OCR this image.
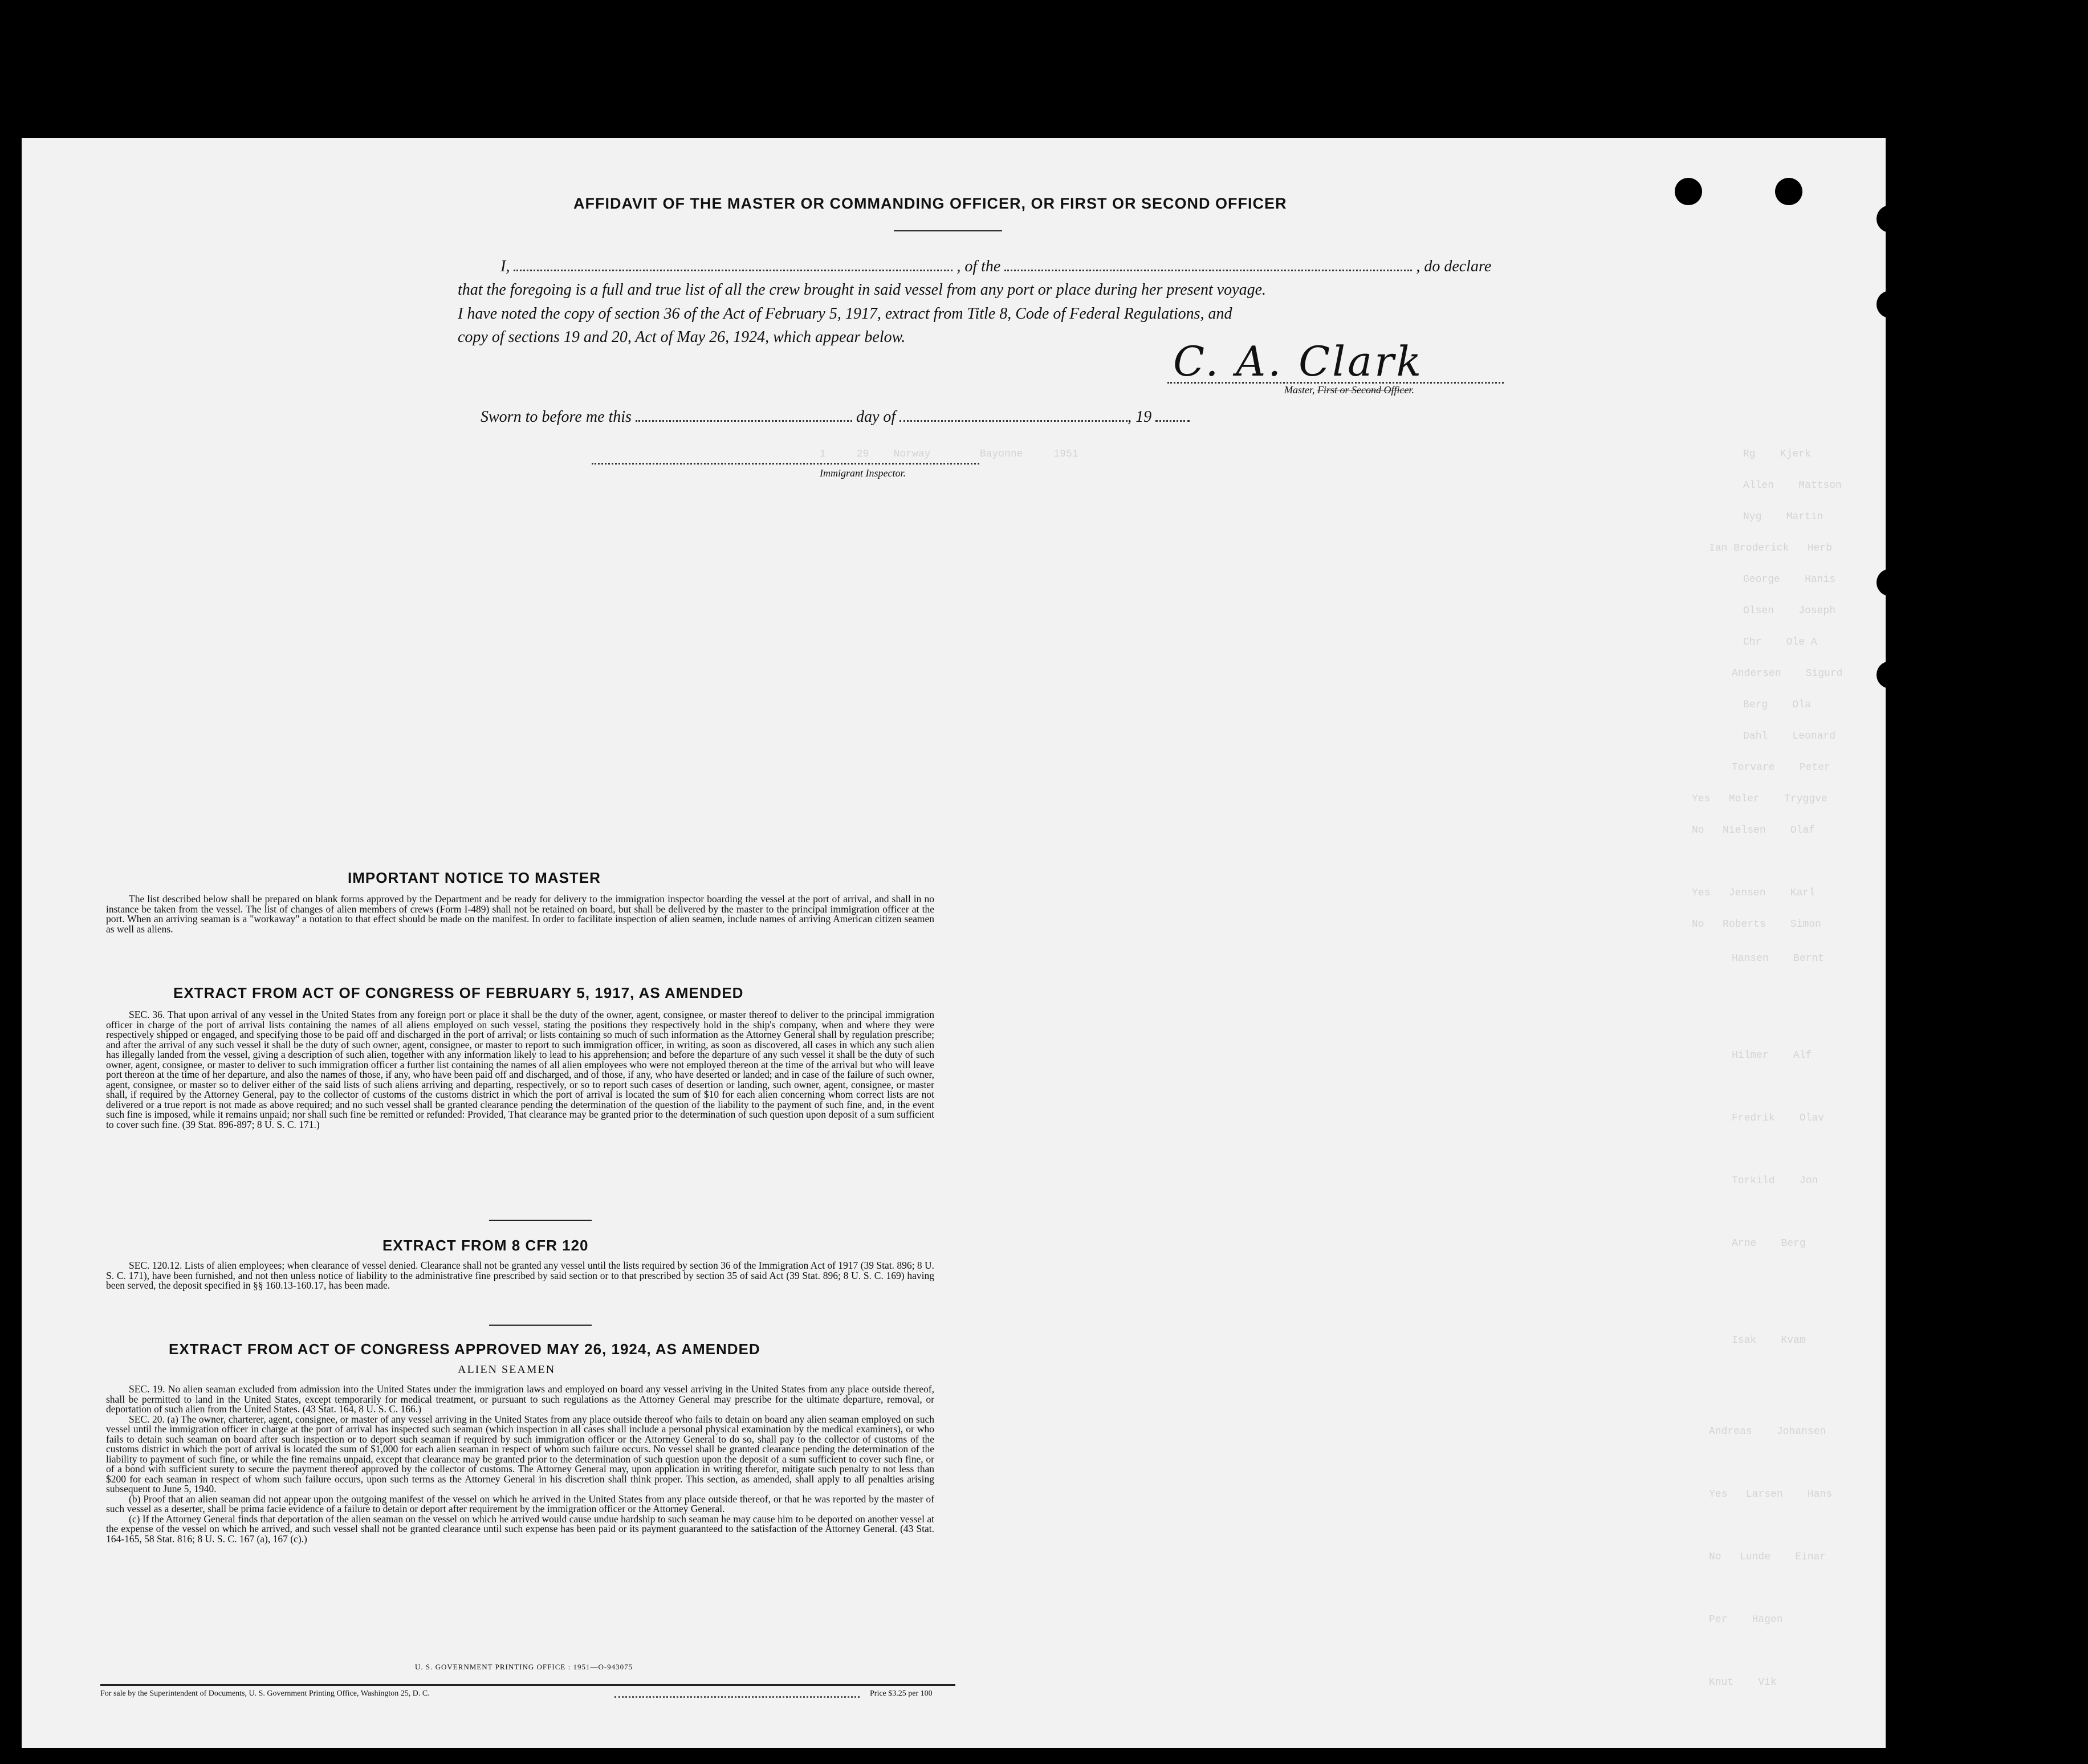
Rg    Kjerk
Allen    Mattson
Nyg    Martin
Ian Broderick   Herb
George    Hanis
Olsen    Joseph
Chr    Ole A
Andersen    Sigurd
Berg    Ola
Dahl    Leonard
Torvare    Peter
Yes   Moler    Tryggve
No   Nielsen    Olaf
Yes   Jensen    Karl
No   Roberts    Simon
Hansen    Bernt
Hilmer    Alf
Fredrik    Olav
Torkild    Jon
Arne    Berg
Isak    Kvam
Andreas    Johansen
Yes   Larsen    Hans
No   Lunde    Einar
Per    Hagen
Knut    Vik
1     29    Norway        Bayonne     1951
AFFIDAVIT OF THE MASTER OR COMMANDING OFFICER, OR FIRST OR SECOND OFFICER
I,	, of the	, do declare
that the foregoing is a full and true list of all the crew brought in said vessel from any port or place during her present voyage.
I have noted the copy of section 36 of the Act of February 5, 1917, extract from Title 8, Code of Federal Regulations, and
copy of sections 19 and 20, Act of May 26, 1924, which appear below.
C. A. Clark
Master, First or Second Officer.
Sworn to before me this	day of	, 19
Immigrant Inspector.
IMPORTANT NOTICE TO MASTER

The list described below shall be prepared on blank forms approved by the Department and be ready for delivery to the immigration inspector boarding the vessel at the port of arrival, and shall in no instance be taken from the vessel. The list of changes of alien members of crews (Form I-489) shall not be retained on board, but shall be delivered by the master to the principal immigration officer at the port. When an arriving seaman is a "workaway" a notation to that effect should be made on the manifest. In order to facilitate inspection of alien seamen, include names of arriving American citizen seamen as well as aliens.

EXTRACT FROM ACT OF CONGRESS OF FEBRUARY 5, 1917, AS AMENDED

SEC. 36. That upon arrival of any vessel in the United States from any foreign port or place it shall be the duty of the owner, agent, consignee, or master thereof to deliver to the principal immigration officer in charge of the port of arrival lists containing the names of all aliens employed on such vessel, stating the positions they respectively hold in the ship's company, when and where they were respectively shipped or engaged, and specifying those to be paid off and discharged in the port of arrival; or lists containing so much of such information as the Attorney General shall by regulation prescribe; and after the arrival of any such vessel it shall be the duty of such owner, agent, consignee, or master to report to such immigration officer, in writing, as soon as discovered, all cases in which any such alien has illegally landed from the vessel, giving a description of such alien, together with any information likely to lead to his apprehension; and before the departure of any such vessel it shall be the duty of such owner, agent, consignee, or master to deliver to such immigration officer a further list containing the names of all alien employees who were not employed thereon at the time of the arrival but who will leave port thereon at the time of her departure, and also the names of those, if any, who have been paid off and discharged, and of those, if any, who have deserted or landed; and in case of the failure of such owner, agent, consignee, or master so to deliver either of the said lists of such aliens arriving and departing, respectively, or so to report such cases of desertion or landing, such owner, agent, consignee, or master shall, if required by the Attorney General, pay to the collector of customs of the customs district in which the port of arrival is located the sum of $10 for each alien concerning whom correct lists are not delivered or a true report is not made as above required; and no such vessel shall be granted clearance pending the determination of the question of the liability to the payment of such fine, and, in the event such fine is imposed, while it remains unpaid; nor shall such fine be remitted or refunded: Provided, That clearance may be granted prior to the determination of such question upon deposit of a sum sufficient to cover such fine. (39 Stat. 896-897; 8 U. S. C. 171.)

EXTRACT FROM 8 CFR 120

SEC. 120.12. Lists of alien employees; when clearance of vessel denied. Clearance shall not be granted any vessel until the lists required by section 36 of the Immigration Act of 1917 (39 Stat. 896; 8 U. S. C. 171), have been furnished, and not then unless notice of liability to the administrative fine prescribed by said section or to that prescribed by section 35 of said Act (39 Stat. 896; 8 U. S. C. 169) having been served, the deposit specified in §§ 160.13-160.17, has been made.

EXTRACT FROM ACT OF CONGRESS APPROVED MAY 26, 1924, AS AMENDED
ALIEN SEAMEN

SEC. 19. No alien seaman excluded from admission into the United States under the immigration laws and employed on board any vessel arriving in the United States from any place outside thereof, shall be permitted to land in the United States, except temporarily for medical treatment, or pursuant to such regulations as the Attorney General may prescribe for the ultimate departure, removal, or deportation of such alien from the United States. (43 Stat. 164, 8 U. S. C. 166.)

SEC. 20. (a) The owner, charterer, agent, consignee, or master of any vessel arriving in the United States from any place outside thereof who fails to detain on board any alien seaman employed on such vessel until the immigration officer in charge at the port of arrival has inspected such seaman (which inspection in all cases shall include a personal physical examination by the medical examiners), or who fails to detain such seaman on board after such inspection or to deport such seaman if required by such immigration officer or the Attorney General to do so, shall pay to the collector of customs of the customs district in which the port of arrival is located the sum of $1,000 for each alien seaman in respect of whom such failure occurs. No vessel shall be granted clearance pending the determination of the liability to payment of such fine, or while the fine remains unpaid, except that clearance may be granted prior to the determination of such question upon the deposit of a sum sufficient to cover such fine, or of a bond with sufficient surety to secure the payment thereof approved by the collector of customs. The Attorney General may, upon application in writing therefor, mitigate such penalty to not less than $200 for each seaman in respect of whom such failure occurs, upon such terms as the Attorney General in his discretion shall think proper. This section, as amended, shall apply to all penalties arising subsequent to June 5, 1940.

(b) Proof that an alien seaman did not appear upon the outgoing manifest of the vessel on which he arrived in the United States from any place outside thereof, or that he was reported by the master of such vessel as a deserter, shall be prima facie evidence of a failure to detain or deport after requirement by the immigration officer or the Attorney General.

(c) If the Attorney General finds that deportation of the alien seaman on the vessel on which he arrived would cause undue hardship to such seaman he may cause him to be deported on another vessel at the expense of the vessel on which he arrived, and such vessel shall not be granted clearance until such expense has been paid or its payment guaranteed to the satisfaction of the Attorney General. (43 Stat. 164-165, 58 Stat. 816; 8 U. S. C. 167 (a), 167 (c).)

U. S. GOVERNMENT PRINTING OFFICE : 1951—O-943075
For sale by the Superintendent of Documents, U. S. Government Printing Office, Washington 25, D. C.	Price $3.25 per 100
